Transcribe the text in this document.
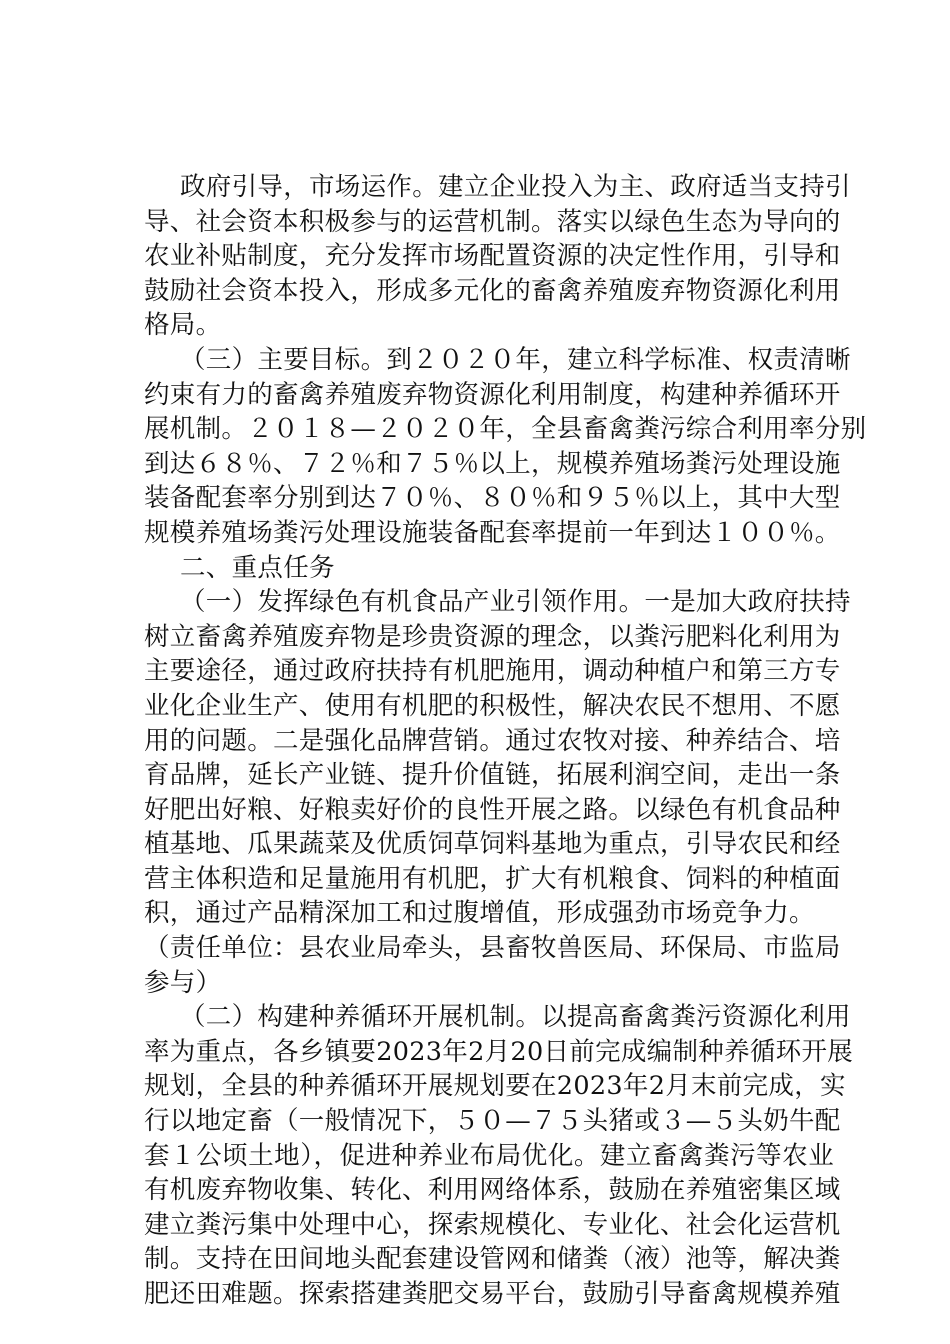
政府引导，市场运作。建立企业投入为主、政府适当支持引
导、社会资本积极参与的运营机制。落实以绿色生态为导向的
农业补贴制度，充分发挥市场配置资源的决定性作用，引导和
鼓励社会资本投入，形成多元化的畜禽养殖废弃物资源化利用
格局。
（三）主要目标。到２０２０年，建立科学标准、权责清晰
约束有力的畜禽养殖废弃物资源化利用制度，构建种养循环开
展机制。２０１８—２０２０年，全县畜禽粪污综合利用率分别
到达６８％、７２％和７５％以上，规模养殖场粪污处理设施
装备配套率分别到达７０％、８０％和９５％以上，其中大型
规模养殖场粪污处理设施装备配套率提前一年到达１００％。
二、重点任务
（一）发挥绿色有机食品产业引领作用。一是加大政府扶持
树立畜禽养殖废弃物是珍贵资源的理念，以粪污肥料化利用为
主要途径，通过政府扶持有机肥施用，调动种植户和第三方专
业化企业生产、使用有机肥的积极性，解决农民不想用、不愿
用的问题。二是强化品牌营销。通过农牧对接、种养结合、培
育品牌，延长产业链、提升价值链，拓展利润空间，走出一条
好肥出好粮、好粮卖好价的良性开展之路。以绿色有机食品种
植基地、瓜果蔬菜及优质饲草饲料基地为重点，引导农民和经
营主体积造和足量施用有机肥，扩大有机粮食、饲料的种植面
积，通过产品精深加工和过腹增值，形成强劲市场竞争力。
（责任单位：县农业局牵头，县畜牧兽医局、环保局、市监局
参与）
（二）构建种养循环开展机制。以提高畜禽粪污资源化利用
率为重点，各乡镇要2023年2月20日前完成编制种养循环开展
规划，全县的种养循环开展规划要在2023年2月末前完成，实
行以地定畜（一般情况下，５０—７５头猪或３—５头奶牛配
套１公顷土地），促进种养业布局优化。建立畜禽粪污等农业
有机废弃物收集、转化、利用网络体系，鼓励在养殖密集区域
建立粪污集中处理中心，探索规模化、专业化、社会化运营机
制。支持在田间地头配套建设管网和储粪（液）池等，解决粪
肥还田难题。探索搭建粪肥交易平台，鼓励引导畜禽规模养殖
